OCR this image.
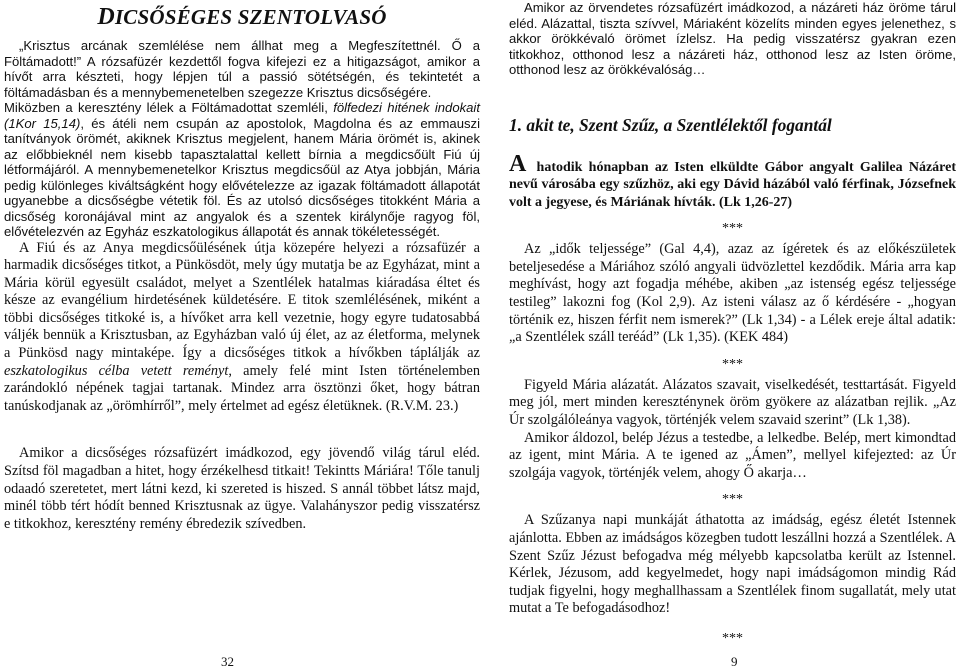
DICSŐSÉGES SZENTOLVASÓ

„Krisztus arcának szemlélése nem állhat meg a Megfeszítettnél. Ő a Föltámadott!” A rózsafüzér kezdettől fogva kifejezi ez a hitigazságot, amikor a hívőt arra készteti, hogy lépjen túl a passió sötétségén, és tekintetét a föltámadásban és a mennybemenetelben szegezze Krisztus dicsőségére.

Miközben a keresztény lélek a Föltámadottat szemléli, fölfedezi hitének indokait (1Kor 15,14), és átéli nem csupán az apostolok, Magdolna és az emmauszi tanítványok örömét, akiknek Krisztus megjelent, hanem Mária örömét is, akinek az előbbieknél nem kisebb tapasztalattal kellett bírnia a megdicsőült Fiú új létformájáról. A mennybemenetelkor Krisztus megdicsőül az Atya jobbján, Mária pedig különleges kiváltságként hogy elővételezze az igazak föltámadott állapotát ugyanebbe a dicsőségbe vétetik föl. És az utolsó dicsőséges titokként Mária a dicsőség koronájával mint az angyalok és a szentek királynője ragyog föl, elővételezvén az Egyház eszkatologikus állapotát és annak tökéletességét.

A Fiú és az Anya megdicsőülésének útja közepére helyezi a rózsafüzér a harmadik dicsőséges titkot, a Pünkösdöt, mely úgy mutatja be az Egyházat, mint a Mária körül egyesült családot, melyet a Szentlélek hatalmas kiáradása éltet és késze az evangélium hirdetésének küldetésére. E titok szemlélésének, miként a többi dicsőséges titkoké is, a hívőket arra kell vezetnie, hogy egyre tudatosabbá váljék bennük a Krisztusban, az Egyházban való új élet, az az életforma, melynek a Pünkösd nagy mintaképe. Így a dicsőséges titkok a hívőkben táplálják az eszkatologikus célba vetett reményt, amely felé mint Isten történelemben zarándokló népének tagjai tartanak. Mindez arra ösztönzi őket, hogy bátran tanúskodjanak az „örömhírről”, mely értelmet ad egész életüknek. (R.V.M. 23.)

Amikor a dicsőséges rózsafüzért imádkozod, egy jövendő világ tárul eléd. Szítsd föl magadban a hitet, hogy érzékelhesd titkait! Tekintts Máriára! Tőle tanulj odaadó szeretetet, mert látni kezd, ki szereted is hiszed. S annál többet látsz majd, minél több tért hódít benned Krisztusnak az ügye. Valahányszor pedig visszatérsz e titkokhoz, keresztény remény ébredezik szívedben.

Amikor az örvendetes rózsafüzért imádkozod, a názáreti ház öröme tárul eléd. Alázattal, tiszta szívvel, Máriaként közelíts minden egyes jelenethez, s akkor örökkévaló örömet ízlelsz. Ha pedig visszatérsz gyakran ezen titkokhoz, otthonod lesz a názáreti ház, otthonod lesz az Isten öröme, otthonod lesz az örökkévalóság…

1. akit te, Szent Szűz, a Szentlélektől fogantál
A hatodik hónapban az Isten elküldte Gábor angyalt Galilea Názáret nevű városába egy szűzhöz, aki egy Dávid házából való férfinak, Józsefnek volt a jegyese, és Máriának hívták. (Lk 1,26-27)
***

Az „idők teljessége” (Gal 4,4), azaz az ígéretek és az előkészületek beteljesedése a Máriához szóló angyali üdvözlettel kezdődik. Mária arra kap meghívást, hogy azt fogadja méhébe, akiben „az istenség egész teljessége testileg” lakozni fog (Kol 2,9). Az isteni válasz az ő kérdésére - „hogyan történik ez, hiszen férfit nem ismerek?” (Lk 1,34) - a Lélek ereje által adatik: „a Szentlélek száll teréád” (Lk 1,35). (KEK 484)

***

Figyeld Mária alázatát. Alázatos szavait, viselkedését, testtartását. Figyeld meg jól, mert minden kereszténynek öröm gyökere az alázatban rejlik. „Az Úr szolgálóleánya vagyok, történjék velem szavaid szerint” (Lk 1,38).

Amikor áldozol, belép Jézus a testedbe, a lelkedbe. Belép, mert kimondtad az igent, mint Mária. A te igened az „Ámen”, mellyel kifejezted: az Úr szolgája vagyok, történjék velem, ahogy Ő akarja…

***

A Szűzanya napi munkáját áthatotta az imádság, egész életét Istennek ajánlotta. Ebben az imádságos közegben tudott leszállni hozzá a Szentlélek. A Szent Szűz Jézust befogadva még mélyebb kapcsolatba került az Istennel. Kérlek, Jézusom, add kegyelmedet, hogy napi imádságomon mindig Rád tudjak figyelni, hogy meghallhassam a Szentlélek finom sugallatát, mely utat mutat a Te befogadásodhoz!

***
32	9
